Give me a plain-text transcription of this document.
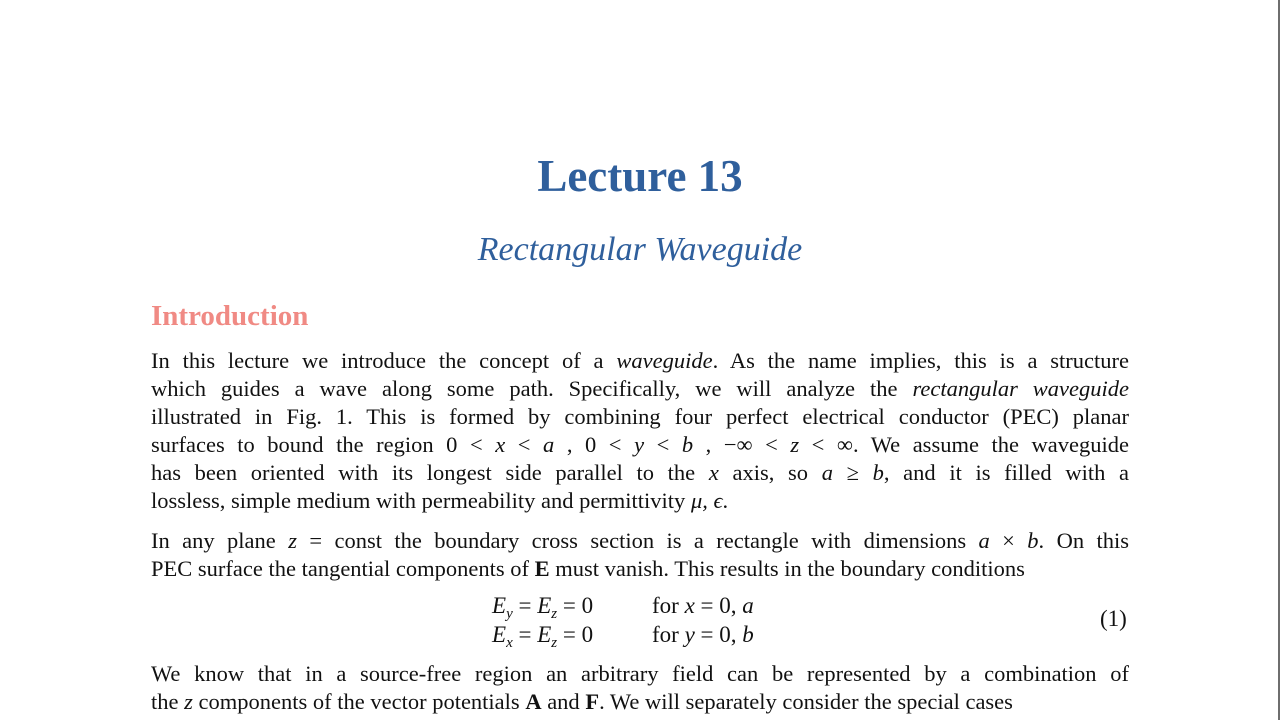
Lecture 13
Rectangular Waveguide
Introduction
In this lecture we introduce the concept of a waveguide. As the name implies, this is a structure
which guides a wave along some path. Specifically, we will analyze the rectangular waveguide
illustrated in Fig. 1. This is formed by combining four perfect electrical conductor (PEC) planar
surfaces to bound the region 0 < x < a , 0 < y < b , −∞ < z < ∞. We assume the waveguide
has been oriented with its longest side parallel to the x axis, so a ≥ b, and it is filled with a
lossless, simple medium with permeability and permittivity μ, ϵ.
In any plane z = const the boundary cross section is a rectangle with dimensions a × b. On this
PEC surface the tangential components of E must vanish. This results in the boundary conditions
$E_y = E_z = 0$	for x = 0, a
$E_x = E_z = 0$	for y = 0, b
(1)
We know that in a source-free region an arbitrary field can be represented by a combination of
the z components of the vector potentials A and F. We will separately consider the special cases
